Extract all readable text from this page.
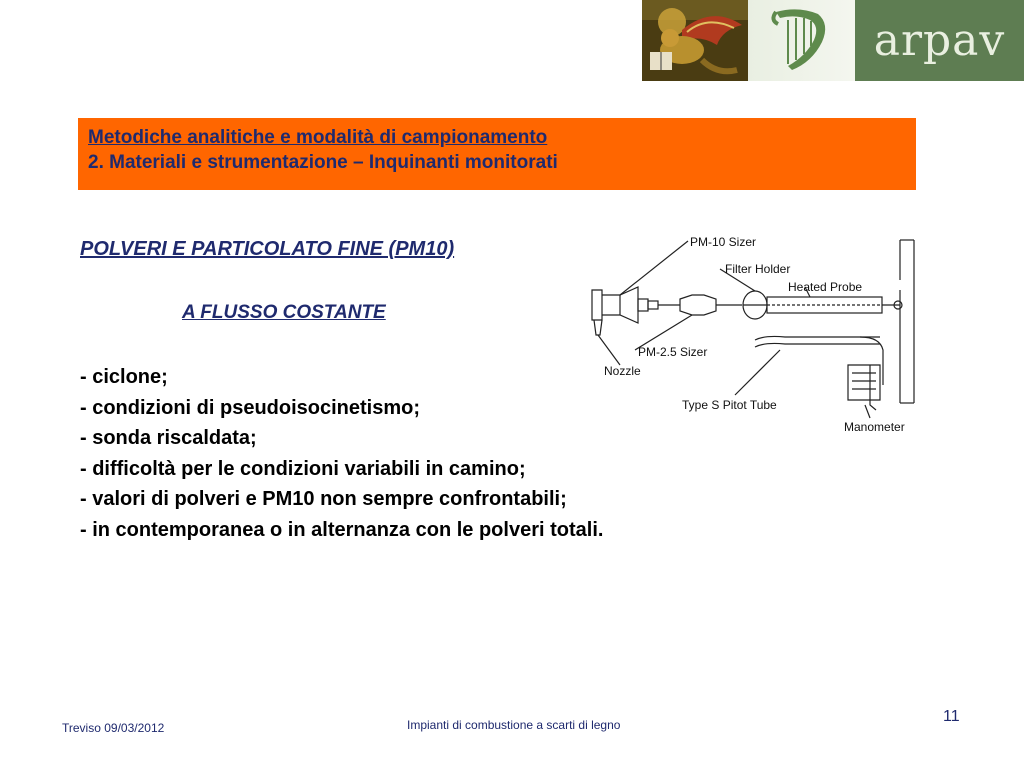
arpav
Metodiche analitiche e modalità di campionamento
2. Materiali e strumentazione – Inquinanti monitorati
POLVERI E PARTICOLATO FINE (PM10)
A FLUSSO COSTANTE
- ciclone;
- condizioni di pseudoisocinetismo;
- sonda riscaldata;
- difficoltà per le condizioni variabili in camino;
- valori di polveri e PM10 non sempre confrontabili;
- in contemporanea o in alternanza con le polveri totali.
PM-10 Sizer
Filter Holder
Heated Probe
PM-2.5 Sizer
Nozzle
Type S Pitot Tube
Manometer
Treviso 09/03/2012	Impianti di combustione a scarti di legno	11
